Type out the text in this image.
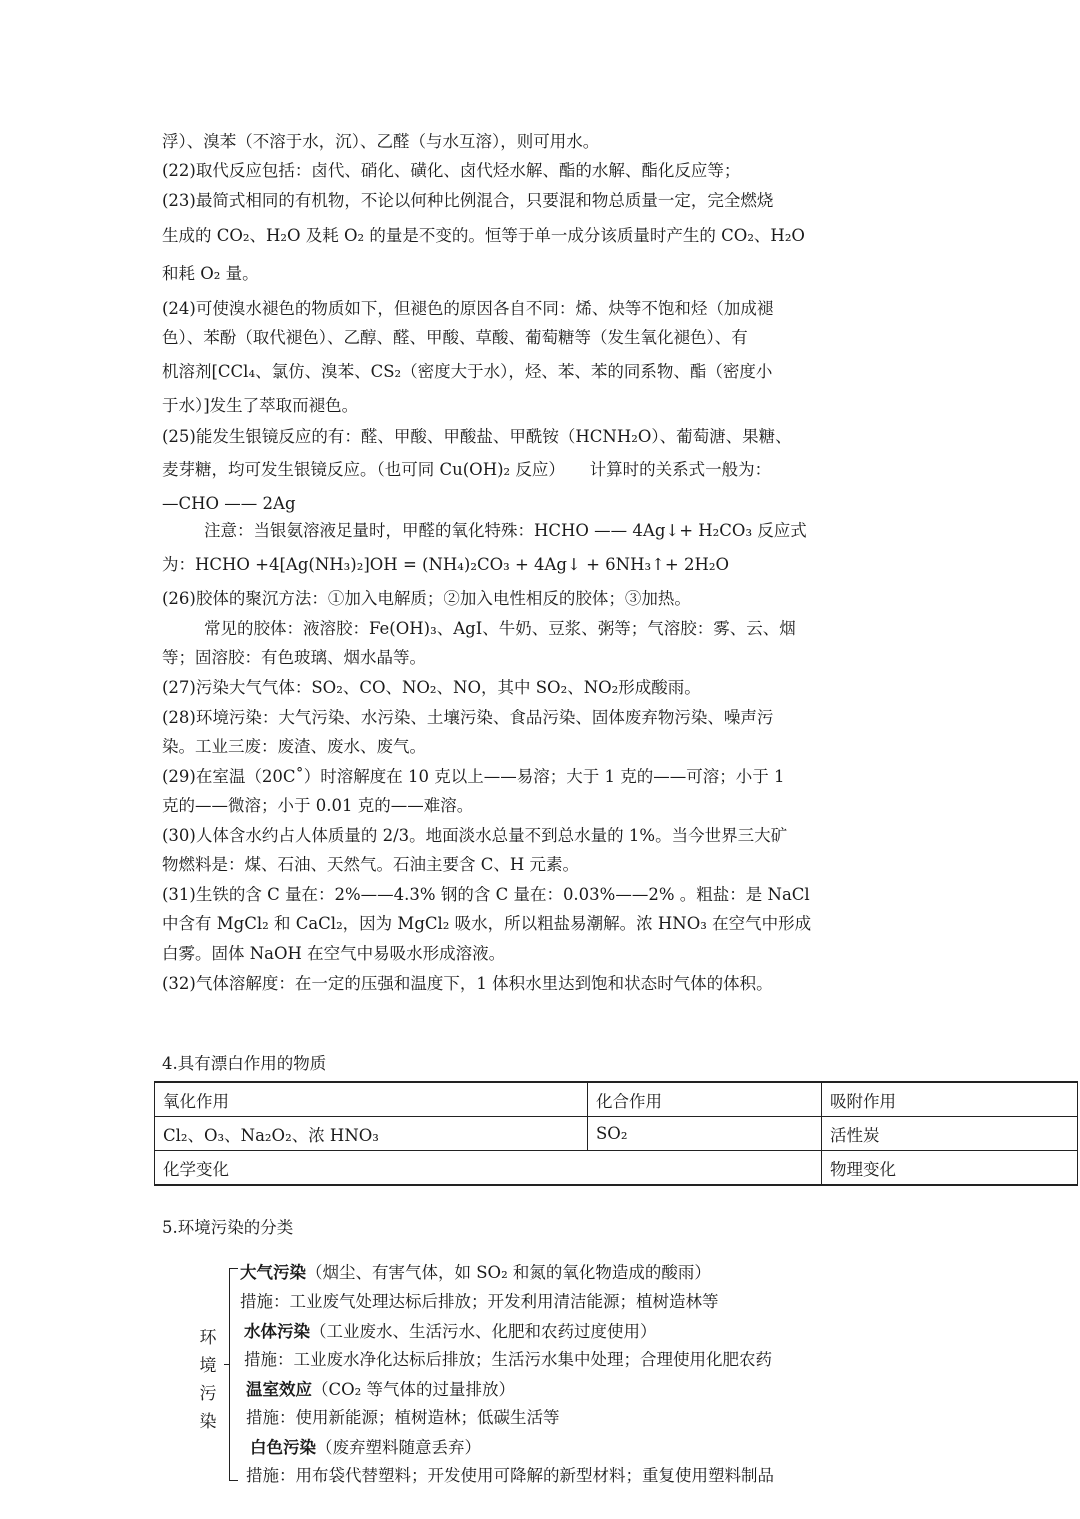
浮）、溴苯（不溶于水，沉）、乙醛（与水互溶），则可用水。
(22)取代反应包括：卤代、硝化、磺化、卤代烃水解、酯的水解、酯化反应等；
(23)最简式相同的有机物，不论以何种比例混合，只要混和物总质量一定，完全燃烧
生成的 CO₂、H₂O 及耗 O₂ 的量是不变的。恒等于单一成分该质量时产生的 CO₂、H₂O
和耗 O₂ 量。
(24)可使溴水褪色的物质如下，但褪色的原因各自不同：烯、炔等不饱和烃（加成褪
色）、苯酚（取代褪色）、乙醇、醛、甲酸、草酸、葡萄糖等（发生氧化褪色）、有
机溶剂[CCl₄、氯仿、溴苯、CS₂（密度大于水），烃、苯、苯的同系物、酯（密度小
于水）]发生了萃取而褪色。
(25)能发生银镜反应的有：醛、甲酸、甲酸盐、甲酰铵（HCNH₂O）、葡萄溏、果糖、
麦芽糖，均可发生银镜反应。（也可同 Cu(OH)₂ 反应）　　计算时的关系式一般为：
—CHO —— 2Ag
注意：当银氨溶液足量时，甲醛的氧化特殊：HCHO —— 4Ag↓+ H₂CO₃ 反应式
为：HCHO +4[Ag(NH₃)₂]OH = (NH₄)₂CO₃ + 4Ag↓ + 6NH₃↑+ 2H₂O
(26)胶体的聚沉方法：①加入电解质；②加入电性相反的胶体；③加热。
常见的胶体：液溶胶：Fe(OH)₃、AgI、牛奶、豆浆、粥等；气溶胶：雾、云、烟
等；固溶胶：有色玻璃、烟水晶等。
(27)污染大气气体：SO₂、CO、NO₂、NO，其中 SO₂、NO₂形成酸雨。
(28)环境污染：大气污染、水污染、土壤污染、食品污染、固体废弃物污染、噪声污
染。工业三废：废渣、废水、废气。
(29)在室温（20C˚）时溶解度在 10 克以上——易溶；大于 1 克的——可溶；小于 1
克的——微溶；小于 0.01 克的——难溶。
(30)人体含水约占人体质量的 2/3。地面淡水总量不到总水量的 1%。当今世界三大矿
物燃料是：煤、石油、天然气。石油主要含 C、H 元素。
(31)生铁的含 C 量在：2%——4.3% 钢的含 C 量在：0.03%——2% 。粗盐：是 NaCl
中含有 MgCl₂ 和 CaCl₂，因为 MgCl₂ 吸水，所以粗盐易潮解。浓 HNO₃ 在空气中形成
白雾。固体 NaOH 在空气中易吸水形成溶液。
(32)气体溶解度：在一定的压强和温度下，1 体积水里达到饱和状态时气体的体积。
4.具有漂白作用的物质
氧化作用	化合作用	吸附作用
Cl₂、O₃、Na₂O₂、浓 HNO₃	SO₂	活性炭
化学变化		物理变化
5.环境污染的分类
环境污染
大气污染（烟尘、有害气体，如 SO₂ 和氮的氧化物造成的酸雨）
措施：工业废气处理达标后排放；开发利用清洁能源；植树造林等
水体污染（工业废水、生活污水、化肥和农药过度使用）
措施：工业废水净化达标后排放；生活污水集中处理；合理使用化肥农药
温室效应（CO₂ 等气体的过量排放）
措施：使用新能源；植树造林；低碳生活等
白色污染（废弃塑料随意丢弃）
措施：用布袋代替塑料；开发使用可降解的新型材料；重复使用塑料制品
